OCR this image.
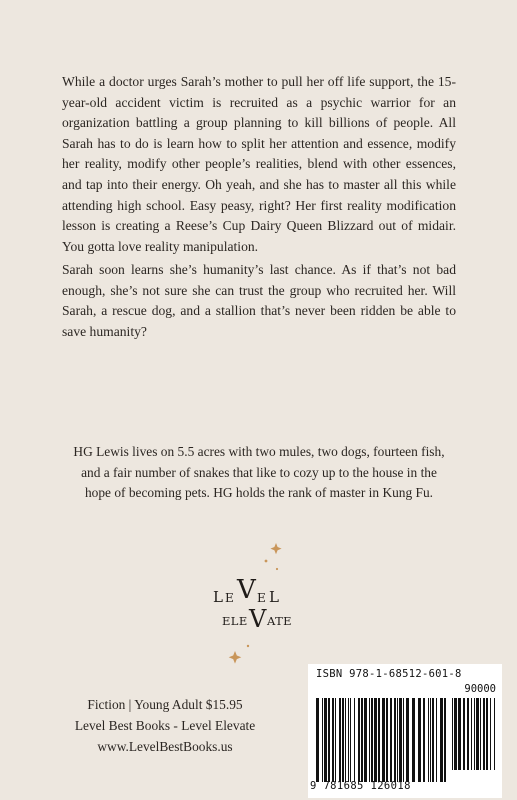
While a doctor urges Sarah’s mother to pull her off life support, the 15-year-old accident victim is recruited as a psychic warrior for an organization battling a group planning to kill billions of people. All Sarah has to do is learn how to split her attention and essence, modify her reality, modify other people’s realities, blend with other essences, and tap into their energy. Oh yeah, and she has to master all this while attending high school. Easy peasy, right? Her first reality modification lesson is creating a Reese’s Cup Dairy Queen Blizzard out of midair. You gotta love reality manipulation.

Sarah soon learns she’s humanity’s last chance. As if that’s not bad enough, she’s not sure she can trust the group who recruited her. Will Sarah, a rescue dog, and a stallion that’s never been ridden be able to save humanity?

HG Lewis lives on 5.5 acres with two mules, two dogs, fourteen fish, and a fair number of snakes that like to cozy up to the house in the hope of becoming pets. HG holds the rank of master in Kung Fu.

L E V E L
ELE V ATE
Fiction | Young Adult $15.95
Level Best Books - Level Elevate
www.LevelBestBooks.us
ISBN 978-1-68512-601-8
90000
9 781685 126018
